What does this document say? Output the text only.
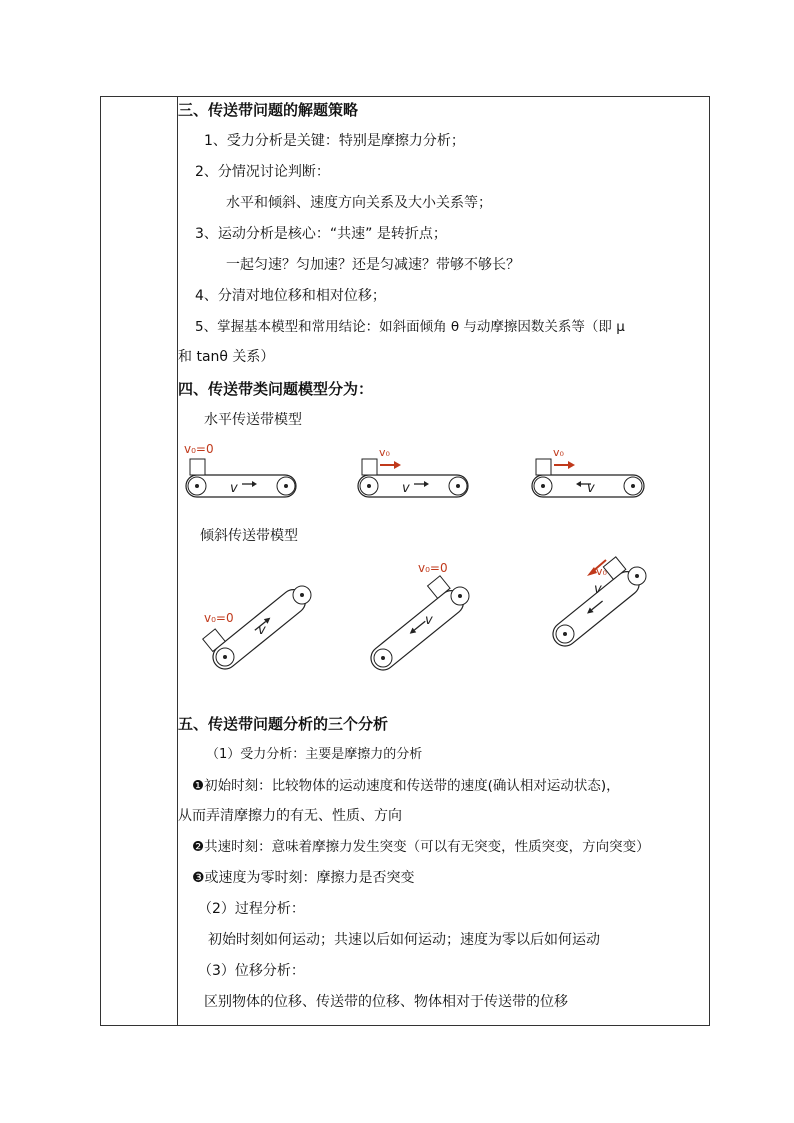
三、传送带问题的解题策略
1、受力分析是关键：特别是摩擦力分析；
2、分情况讨论判断：
水平和倾斜、速度方向关系及大小关系等；
3、运动分析是核心：“共速” 是转折点；
一起匀速？匀加速？还是匀减速？带够不够长？
4、分清对地位移和相对位移；
5、掌握基本模型和常用结论：如斜面倾角 θ 与动摩擦因数关系等（即 μ
和 tanθ 关系）
四、传送带类问题模型分为：
水平传送带模型
v₀=0
v
v₀
v
v₀
v
倾斜传送带模型
v₀=0
v
v₀=0
v
v₀
v
五、传送带问题分析的三个分析
（1）受力分析：主要是摩擦力的分析
❶初始时刻：比较物体的运动速度和传送带的速度(确认相对运动状态)，
从而弄清摩擦力的有无、性质、方向
❷共速时刻：意味着摩擦力发生突变（可以有无突变，性质突变，方向突变）
❸或速度为零时刻：摩擦力是否突变
（2）过程分析：
初始时刻如何运动；共速以后如何运动；速度为零以后如何运动
（3）位移分析：
区别物体的位移、传送带的位移、物体相对于传送带的位移
